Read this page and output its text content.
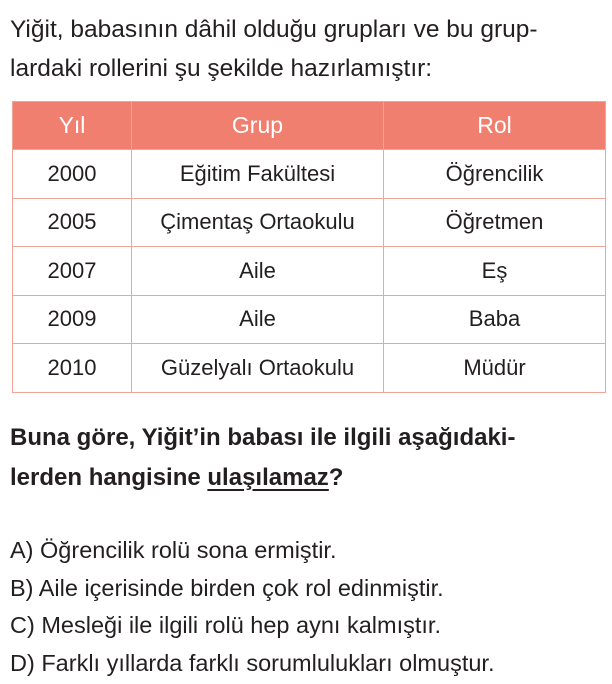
Yiğit, babasının dâhil olduğu grupları ve bu grup-
lardaki rollerini şu şekilde hazırlamıştır:

Yıl	Grup	Rol
2000	Eğitim Fakültesi	Öğrencilik
2005	Çimentaş Ortaokulu	Öğretmen
2007	Aile	Eş
2009	Aile	Baba
2010	Güzelyalı Ortaokulu	Müdür

Buna göre, Yiğit’in babası ile ilgili aşağıdaki-
lerden hangisine ulaşılamaz?

A) Öğrencilik rolü sona ermiştir.
B) Aile içerisinde birden çok rol edinmiştir.
C) Mesleği ile ilgili rolü hep aynı kalmıştır.
D) Farklı yıllarda farklı sorumlulukları olmuştur.
